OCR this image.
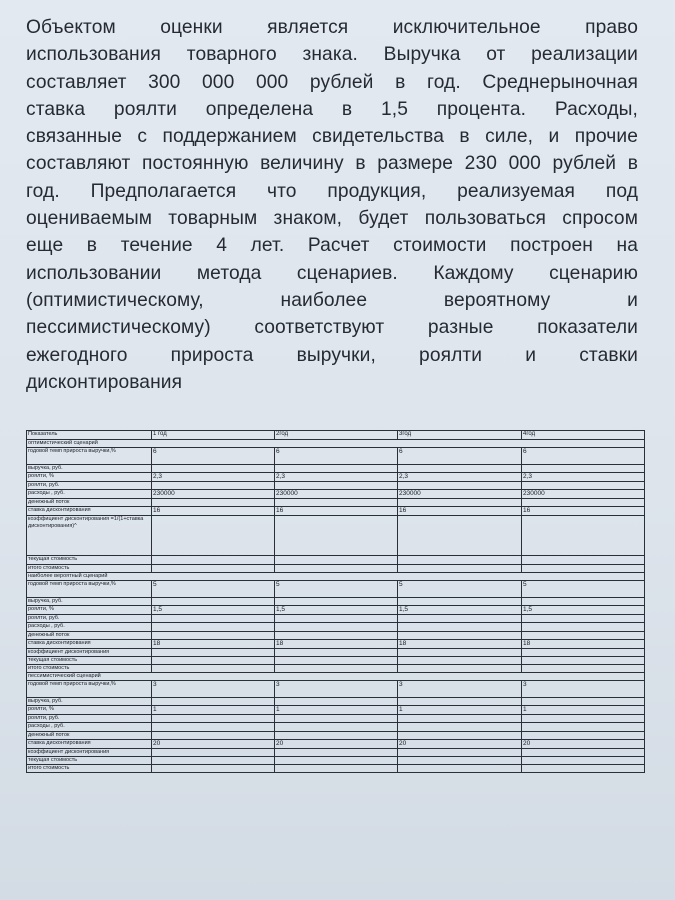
Объектом оценки является исключительное право
использования товарного знака. Выручка от реализации
составляет 300 000 000 рублей в год. Среднерыночная
ставка роялти определена в 1,5 процента. Расходы,
связанные с поддержанием свидетельства в силе, и прочие
составляют постоянную величину в размере 230 000 рублей в
год. Предполагается что продукция, реализуемая под
оцениваемым товарным знаком, будет пользоваться спросом
еще в течение 4 лет. Расчет стоимости построен на
использовании метода сценариев. Каждому сценарию
(оптимистическому, наиболее вероятному и
пессимистическому) соответствуют разные показатели
ежегодного прироста выручки, роялти и ставки
дисконтирования
Показатель	1 год	2год	3год	4год
оптимистический сценарий				
годовой темп прироста выручки,%	6	6	6	6
выручка, руб.				
роялти, %	2,3	2,3	2,3	2,3
роялти, руб.				
расходы , руб.	230000	230000	230000	230000
денежный поток				
ставка дисконтирования	16	16	16	16
коэффициент дисконтирования =1/(1+ставка дисконтирования)^				
текущая стоимость				
итого стоимость				
наиболее вероятный сценарий				
годовой темп прироста выручки,%	5	5	5	5
выручка, руб.				
роялти, %	1,5	1,5	1,5	1,5
роялти, руб.				
расходы , руб.				
денежный поток				
ставка дисконтирования	18	18	18	18
коэффициент дисконтирования				
текущая стоимость				
итого стоимость				
пессимистический сценарий				
годовой темп прироста выручки,%	3	3	3	3
выручка, руб.				
роялти, %	1	1	1	1
роялти, руб.				
расходы , руб.				
денежный поток				
ставка дисконтирования	20	20	20	20
коэффициент дисконтирования				
текущая стоимость				
итого стоимость				
